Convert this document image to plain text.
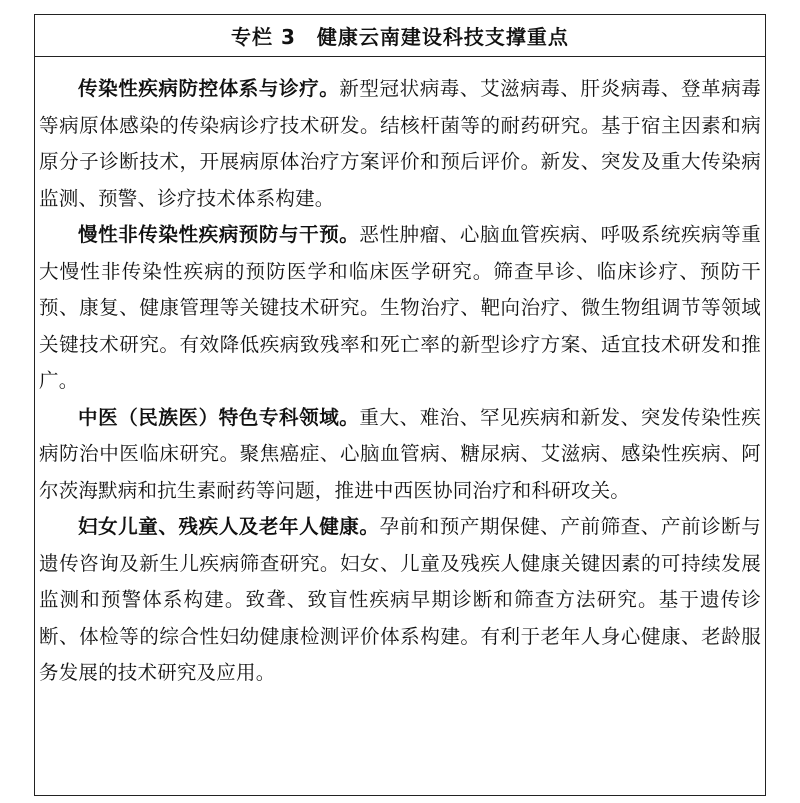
专栏 3　健康云南建设科技支撑重点

传染性疾病防控体系与诊疗。新型冠状病毒、艾滋病毒、肝炎病毒、登革病毒等病原体感染的传染病诊疗技术研发。结核杆菌等的耐药研究。基于宿主因素和病原分子诊断技术，开展病原体治疗方案评价和预后评价。新发、突发及重大传染病监测、预警、诊疗技术体系构建。

慢性非传染性疾病预防与干预。恶性肿瘤、心脑血管疾病、呼吸系统疾病等重大慢性非传染性疾病的预防医学和临床医学研究。筛查早诊、临床诊疗、预防干预、康复、健康管理等关键技术研究。生物治疗、靶向治疗、微生物组调节等领域关键技术研究。有效降低疾病致残率和死亡率的新型诊疗方案、适宜技术研发和推广。

中医（民族医）特色专科领域。重大、难治、罕见疾病和新发、突发传染性疾病防治中医临床研究。聚焦癌症、心脑血管病、糖尿病、艾滋病、感染性疾病、阿尔茨海默病和抗生素耐药等问题，推进中西医协同治疗和科研攻关。

妇女儿童、残疾人及老年人健康。孕前和预产期保健、产前筛查、产前诊断与遗传咨询及新生儿疾病筛查研究。妇女、儿童及残疾人健康关键因素的可持续发展监测和预警体系构建。致聋、致盲性疾病早期诊断和筛查方法研究。基于遗传诊断、体检等的综合性妇幼健康检测评价体系构建。有利于老年人身心健康、老龄服务发展的技术研究及应用。
